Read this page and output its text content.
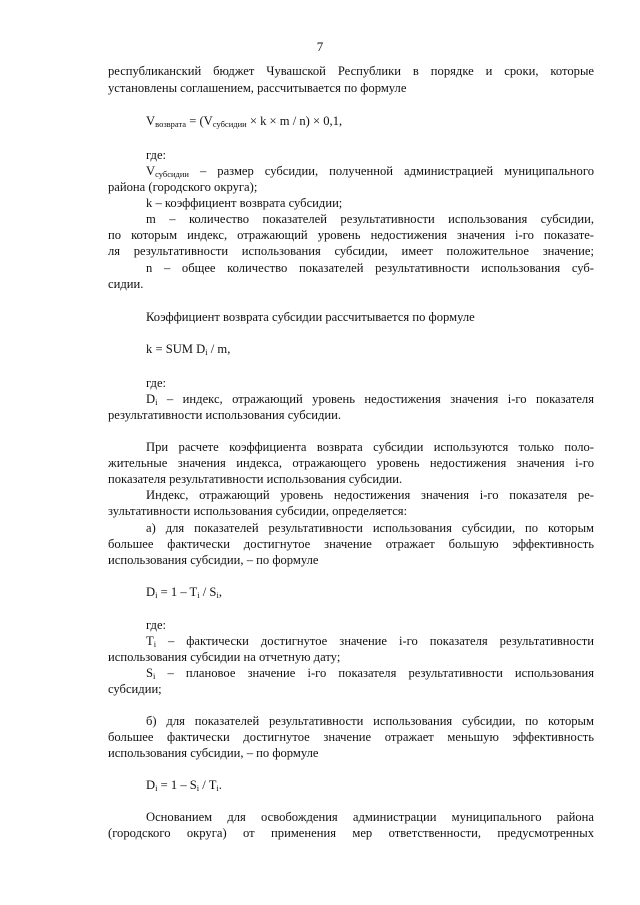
7

республиканский бюджет Чувашской Республики в порядке и сроки, которые

установлены соглашением, рассчитывается по формуле

$V_{возврата} = (V_{субсидии} \times k \times m / n) \times 0,1$,

где:

$V_{субсидии}$ – размер субсидии, полученной администрацией муниципального

района (городского округа);

k – коэффициент возврата субсидии;

m – количество показателей результативности использования субсидии,

по которым индекс, отражающий уровень недостижения значения i-го показате-

ля результативности использования субсидии, имеет положительное значение;

n – общее количество показателей результативности использования суб-

сидии.

Коэффициент возврата субсидии рассчитывается по формуле

k = SUM $D_i$ / m,

где:

$D_i$ – индекс, отражающий уровень недостижения значения i-го показателя

результативности использования субсидии.

При расчете коэффициента возврата субсидии используются только поло-

жительные значения индекса, отражающего уровень недостижения значения i-го

показателя результативности использования субсидии.

Индекс, отражающий уровень недостижения значения i-го показателя ре-

зультативности использования субсидии, определяется:

а) для показателей результативности использования субсидии, по которым

большее фактически достигнутое значение отражает большую эффективность

использования субсидии, – по формуле

$D_i = 1 - T_i / S_i$,

где:

$T_i$ – фактически достигнутое значение i-го показателя результативности

использования субсидии на отчетную дату;

$S_i$ – плановое значение i-го показателя результативности использования

субсидии;

б) для показателей результативности использования субсидии, по которым

большее фактически достигнутое значение отражает меньшую эффективность

использования субсидии, – по формуле

$D_i = 1 - S_i / T_i$.

Основанием для освобождения администрации муниципального района

(городского округа) от применения мер ответственности, предусмотренных
